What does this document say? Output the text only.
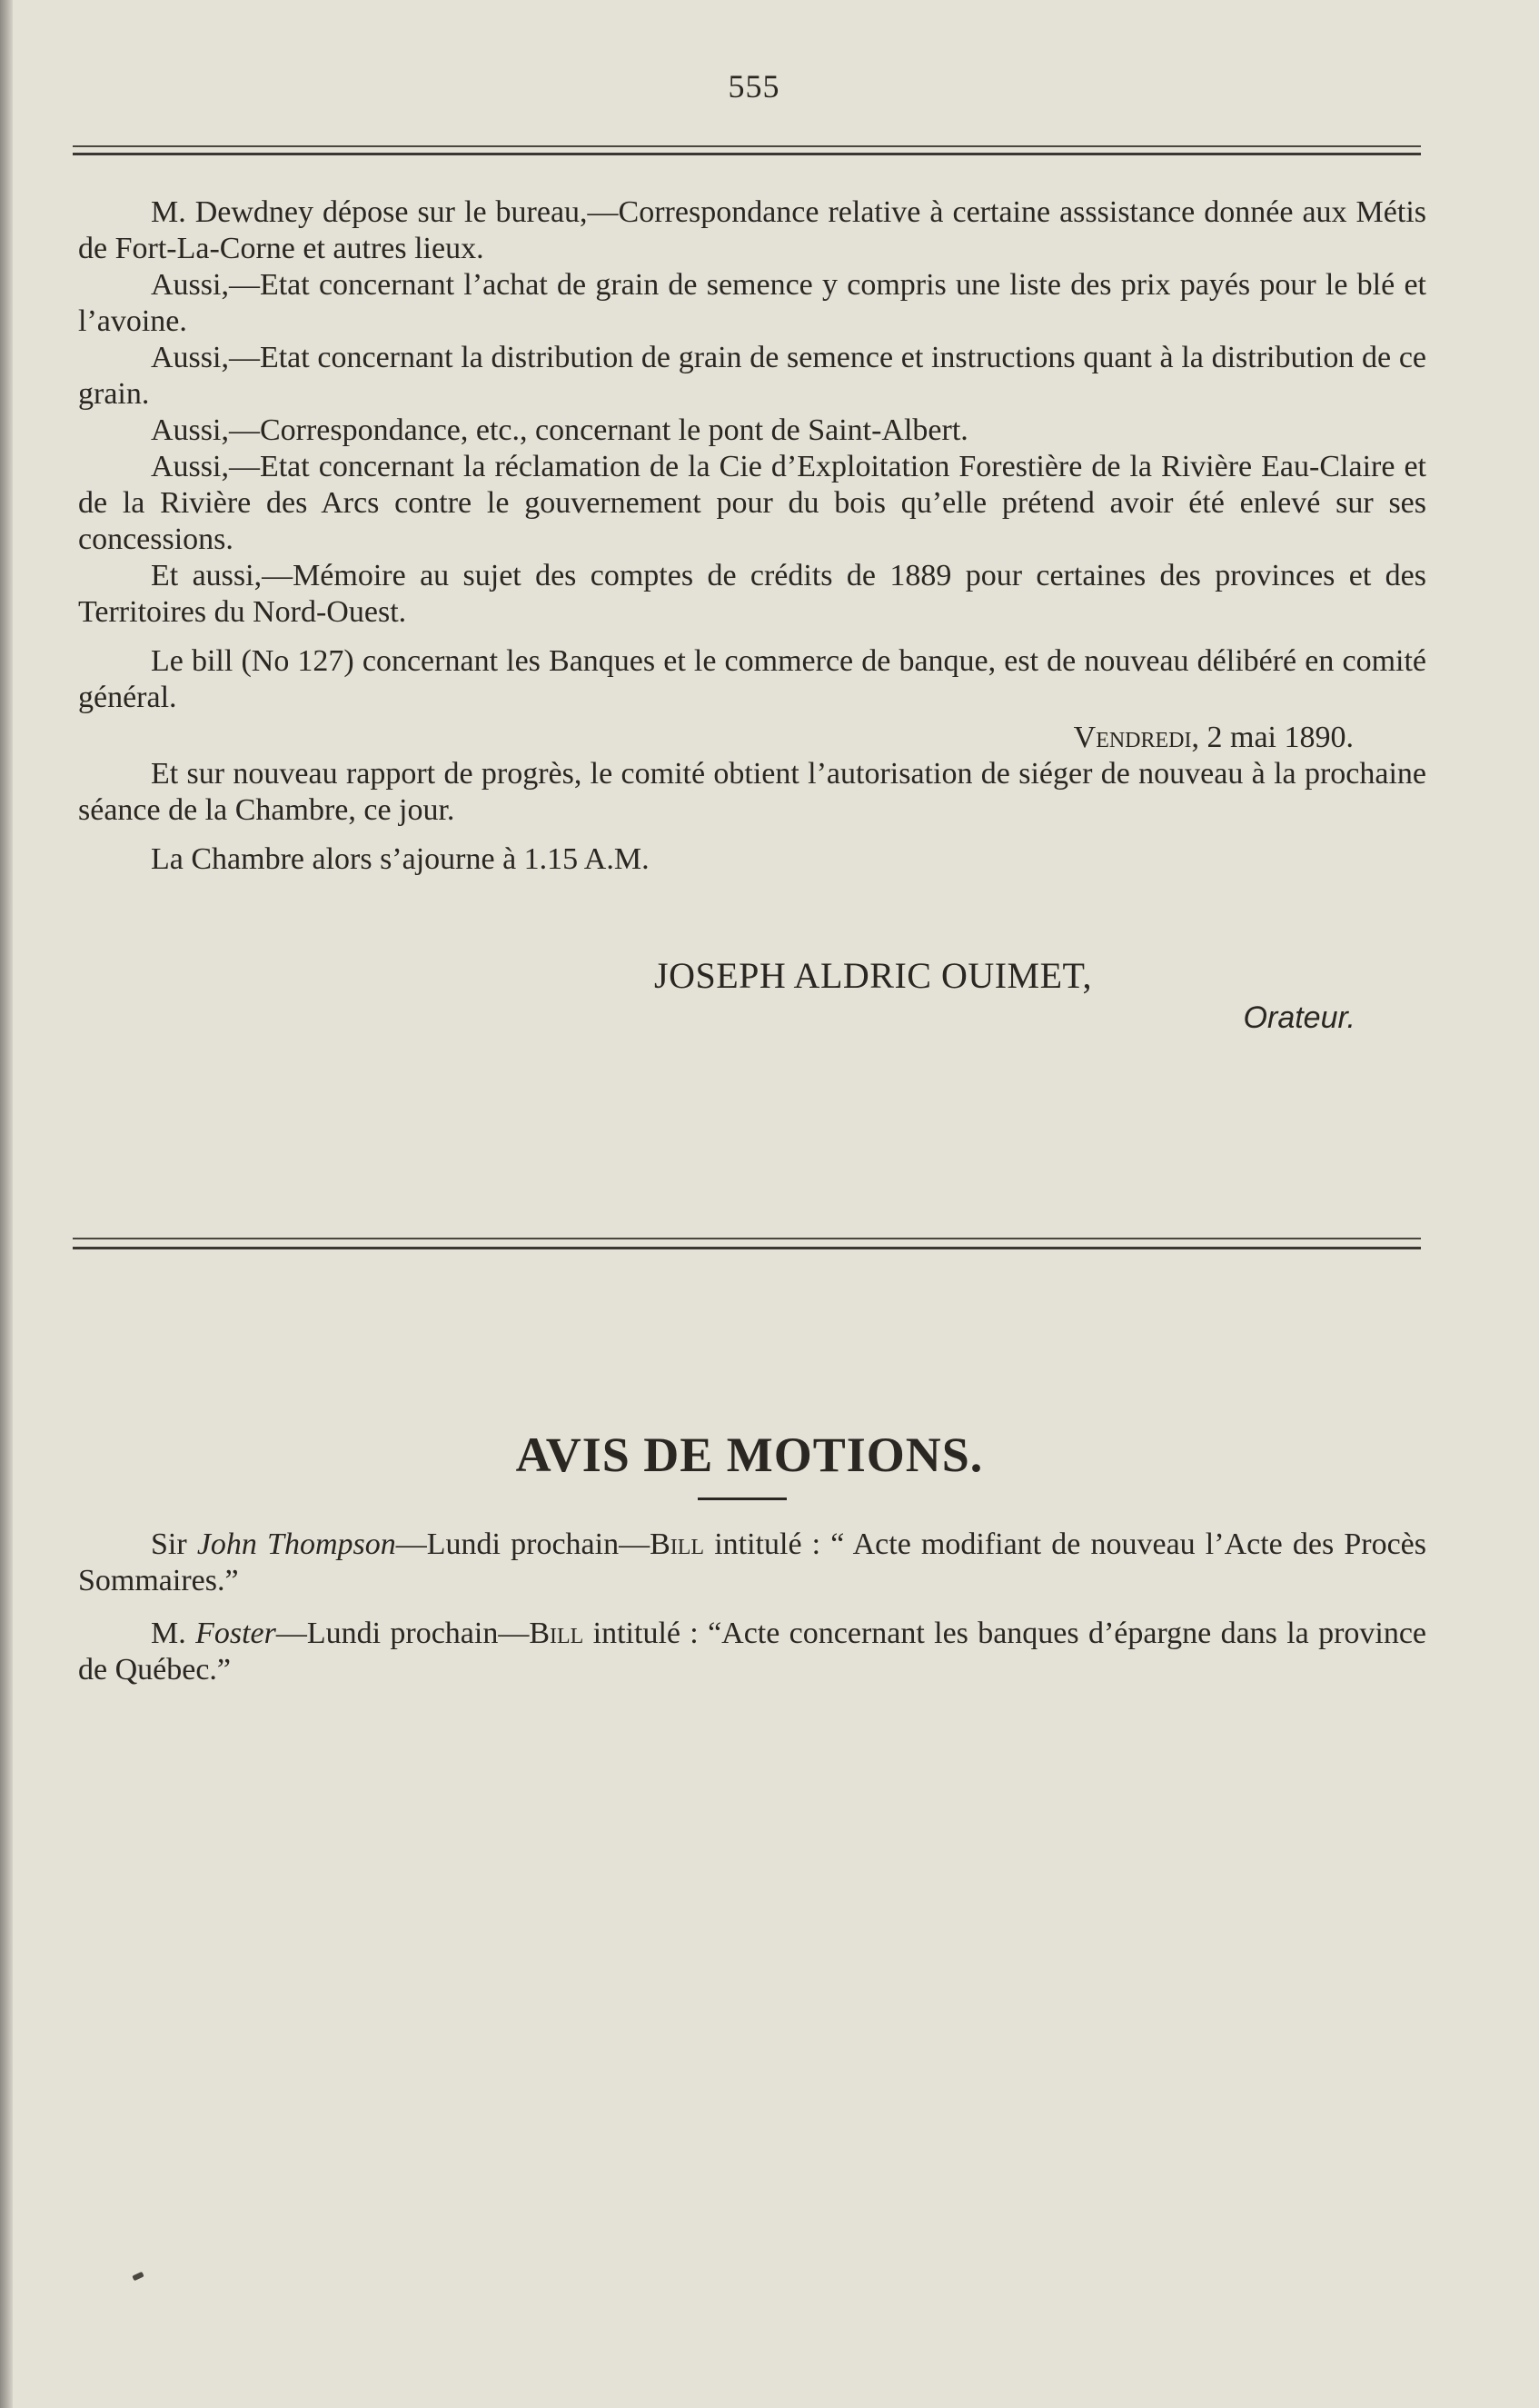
555

M. Dewdney dépose sur le bureau,—Correspondance relative à certaine asssistance donnée aux Métis de Fort-La-Corne et autres lieux.

Aussi,—Etat concernant l’achat de grain de semence y compris une liste des prix payés pour le blé et l’avoine.

Aussi,—Etat concernant la distribution de grain de semence et instructions quant à la distribution de ce grain.

Aussi,—Correspondance, etc., concernant le pont de Saint-Albert.

Aussi,—Etat concernant la réclamation de la Cie d’Exploitation Forestière de la Rivière Eau-Claire et de la Rivière des Arcs contre le gouvernement pour du bois qu’elle prétend avoir été enlevé sur ses concessions.

Et aussi,—Mémoire au sujet des comptes de crédits de 1889 pour certaines des provinces et des Territoires du Nord-Ouest.

Le bill (No 127) concernant les Banques et le commerce de banque, est de nouveau délibéré en comité général.

Vendredi, 2 mai 1890.

Et sur nouveau rapport de progrès, le comité obtient l’autorisation de siéger de nouveau à la prochaine séance de la Chambre, ce jour.

La Chambre alors s’ajourne à 1.15 A.M.

JOSEPH ALDRIC OUIMET,
Orateur.
AVIS DE MOTIONS.

Sir John Thompson—Lundi prochain—Bill intitulé : “ Acte modifiant de nouveau l’Acte des Procès Sommaires.”

M. Foster—Lundi prochain—Bill intitulé : “Acte concernant les banques d’épargne dans la province de Québec.”
